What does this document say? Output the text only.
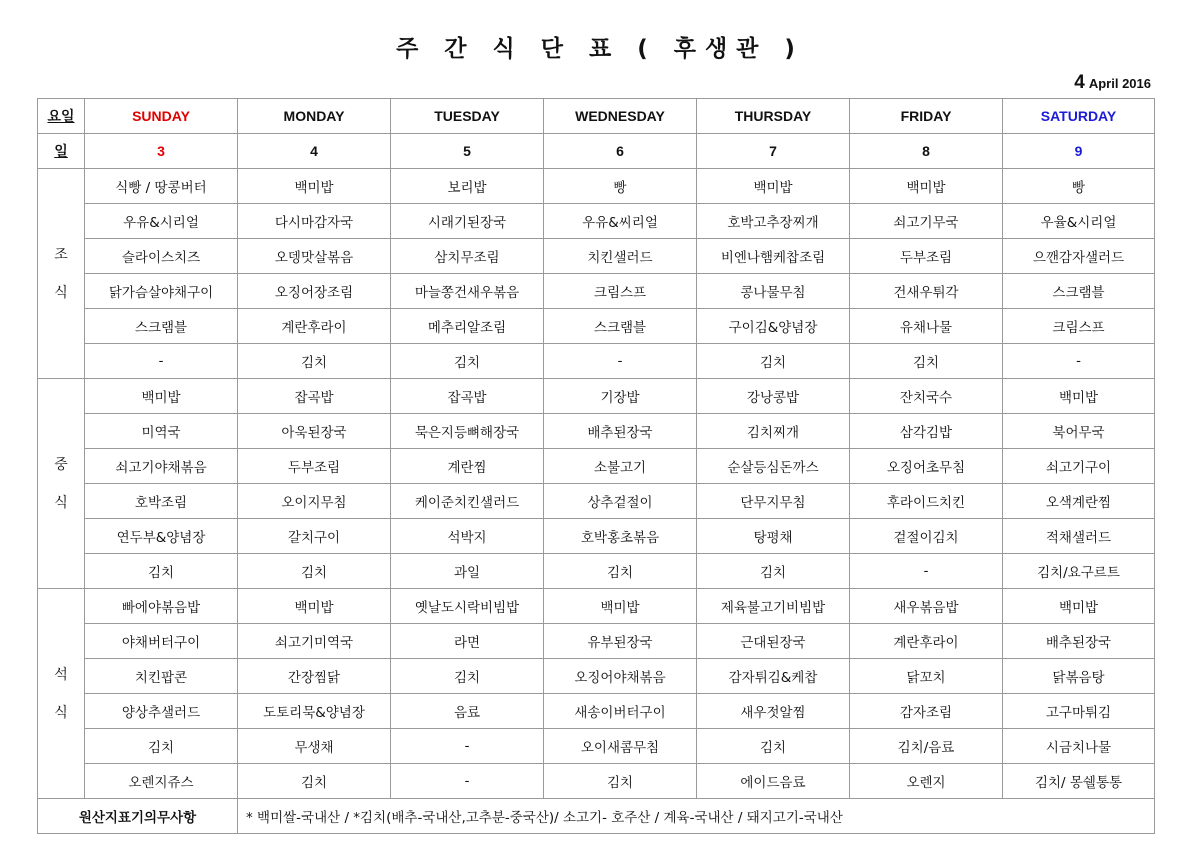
주 간 식 단 표 ( 후생관 )
4 April 2016
요일	SUNDAY	MONDAY	TUESDAY	WEDNESDAY	THURSDAY	FRIDAY	SATURDAY
일	3	4	5	6	7	8	9

조
식	식빵 / 땅콩버터	백미밥	보리밥	빵	백미밥	백미밥	빵
	우유&시리얼	다시마감자국	시래기된장국	우유&씨리얼	호박고추장찌개	쇠고기무국	우율&시리얼
	슬라이스치즈	오뎅맛살볶음	삼치무조림	치킨샐러드	비엔나햄케찹조림	두부조림	으깬감자샐러드
	닭가슴살야채구이	오징어장조림	마늘쫑건새우볶음	크림스프	콩나물무침	건새우튀각	스크램블
	스크램블	계란후라이	메추리알조림	스크램블	구이김&양념장	유채나물	크림스프
	-	김치	김치	-	김치	김치	-

중
식	백미밥	잡곡밥	잡곡밥	기장밥	강낭콩밥	잔치국수	백미밥
	미역국	아욱된장국	묵은지등뼈해장국	배추된장국	김치찌개	삼각김밥	북어무국
	쇠고기야채볶음	두부조림	계란찜	소불고기	순살등심돈까스	오징어초무침	쇠고기구이
	호박조림	오이지무침	케이준치킨샐러드	상추겉절이	단무지무침	후라이드치킨	오색계란찜
	연두부&양념장	갈치구이	석박지	호박홍초볶음	탕평채	겉절이김치	적채샐러드
	김치	김치	과일	김치	김치	-	김치/요구르트

석
식	빠에야볶음밥	백미밥	옛날도시락비빔밥	백미밥	제육불고기비빔밥	새우볶음밥	백미밥
	야채버터구이	쇠고기미역국	라면	유부된장국	근대된장국	계란후라이	배추된장국
	치킨팝콘	간장찜닭	김치	오징어야채볶음	감자튀김&케찹	닭꼬치	닭볶음탕
	양상추샐러드	도토리묵&양념장	음료	새송이버터구이	새우젓알찜	감자조림	고구마튀김
	김치	무생채	-	오이새콤무침	김치	김치/음료	시금치나물
	오렌지쥬스	김치	-	김치	에이드음료	오렌지	김치/ 몽쉘통통
원산지표기의무사항		* 백미쌀-국내산 / *김치(배추-국내산,고추분-중국산)/ 소고기- 호주산 / 계육-국내산 / 돼지고기-국내산					
